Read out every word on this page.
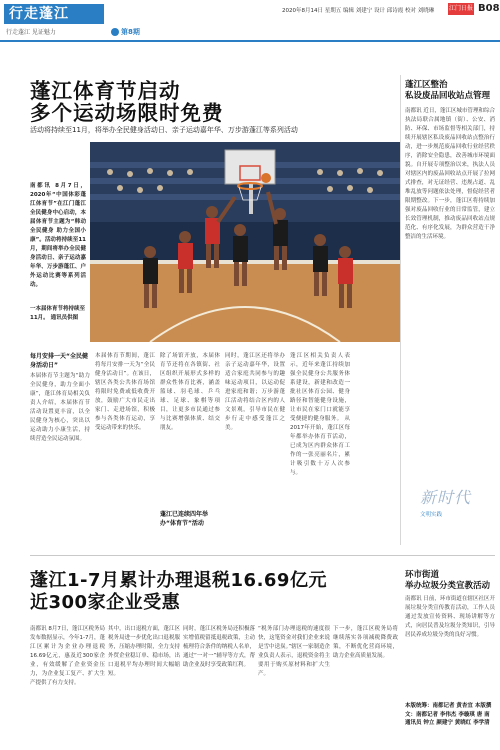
行走蓬江
行走蓬江 见证魅力	第8期
2020年8月14日 星期五 编辑 刘建宁 设计 邱诗霞 校对 刘晓琳 江门日报 B08
蓬江体育节启动
多个运动场限时免费
活动将持续至11月，将举办全民健身活动日、亲子运动嘉年华、万步游蓬江等系列活动
南都讯 8月7日，2020年“中国体彩蓬江体育节”在江门蓬江全民健身中心启动，本届体育节主题为“韩动全民健身 助力全国小康”。活动将持续至11月，期间将举办全民健身活动日、亲子运动嘉年华、万步游蓬江、户外运动比赛等系列活动。
一本届体育节将持续至11月。 通讯员供图
每月安排一天“全民健身活动日”
本届体育节主题为“助力全民健身，助力全面小康”，蓬江体育局相关负责人介绍，本届体育节活动设置更丰富，以全民健身为核心，突出以运动助力小康生活，持续营造全民运动氛围。
本届体育节期间，蓬江将每月安排一天为“全民健身活动日”。在该日，辖区各类公共体育场馆将限时免费或低收费开放，鼓励广大市民走出家门、走进场馆，积极参与各类体育运动，享受运动带来的快乐。
除了场馆开放，本届体育节还将在各镇街、社区组织开展形式多样的群众性体育比赛，涵盖篮球、羽毛球、乒乓球、足球、象棋等项目，让更多市民通过参与比赛增强体质、结交朋友。
蓬江已连续四年举办“体育节”活动
同时，蓬江区还将举办亲子运动嘉年华，设置适合家庭共同参与的趣味运动项目，以运动促进家庭和谐；万步游蓬江活动将结合区内的人文景观，引导市民在健步行走中感受蓬江之美。
蓬江区相关负责人表示，近年来蓬江持续加强全民健身公共服务体系建设，新建和改造一批社区体育公园、健身路径和智能健身设施，让市民在家门口就能享受便捷的健身服务。 从2017年开始，蓬江区每年都举办体育节活动，已成为区内群众体育工作的一张亮丽名片，累计吸引数十万人次参与。
蓬江区整治
私设废品回收站点管理
南都讯 近日，蓬江区城市管理和综合执法局联合属地镇（街）、公安、消防、环保、市场监督等相关部门，持续开展辖区私设废品回收站点整治行动，进一步规范废品回收行业经营秩序，消除安全隐患，改善城市环境面貌。自开展专项整治以来，执法人员对辖区内的废品回收站点开展了拉网式排查，对无证经营、违规占道、乱堆乱放等问题依法处理，督促经营者限期整改。下一步，蓬江区将持续加强对废品回收行业的日常监管，建立长效管理机制，推动废品回收站点规范化、有序化发展，为群众营造干净整洁的生活环境。
新时代
文明实践
蓬江1-7月累计办理退税16.69亿元
近300家企业受惠
南都讯 8月7日，蓬江区税务局发布数据显示，今年1-7月，蓬江区累计为企业办理退税16.69亿元，惠及近300家企业，有效缓解了企业资金压力，为企业复工复产、扩大生产提供了有力支持。
其中，出口退税方面，蓬江区税务局进一步优化出口退税服务，压缩办理时限，全力支持外贸企业稳订单、稳市场，出口退税平均办理时间大幅缩短。
同时，蓬江区税务局还积极落实增值税留抵退税政策，主动梳理符合条件的纳税人名单，通过“一对一”辅导等方式，帮助企业及时享受政策红利。
“税务部门办理退税的速度很快，这笔资金对我们企业来说是雪中送炭。”辖区一家制造企业负责人表示，退税资金将主要用于购买原材料和扩大生产。
下一步，蓬江区税务局将继续落实各项减税降费政策，不断优化营商环境，助力企业高质量发展。
环市街道
举办垃圾分类宣教活动
南都讯 日前，环市街道在辖区社区开展垃圾分类宣传教育活动，工作人员通过发放宣传资料、现场讲解等方式，向居民普及垃圾分类知识，引导居民养成垃圾分类的良好习惯。
本版统筹：南都记者 黄杏宜 本版撰文：南都记者 李伟杰 李璇琪 唐 南 通讯员 钟立 颜建宁 黄晓红 李学清
